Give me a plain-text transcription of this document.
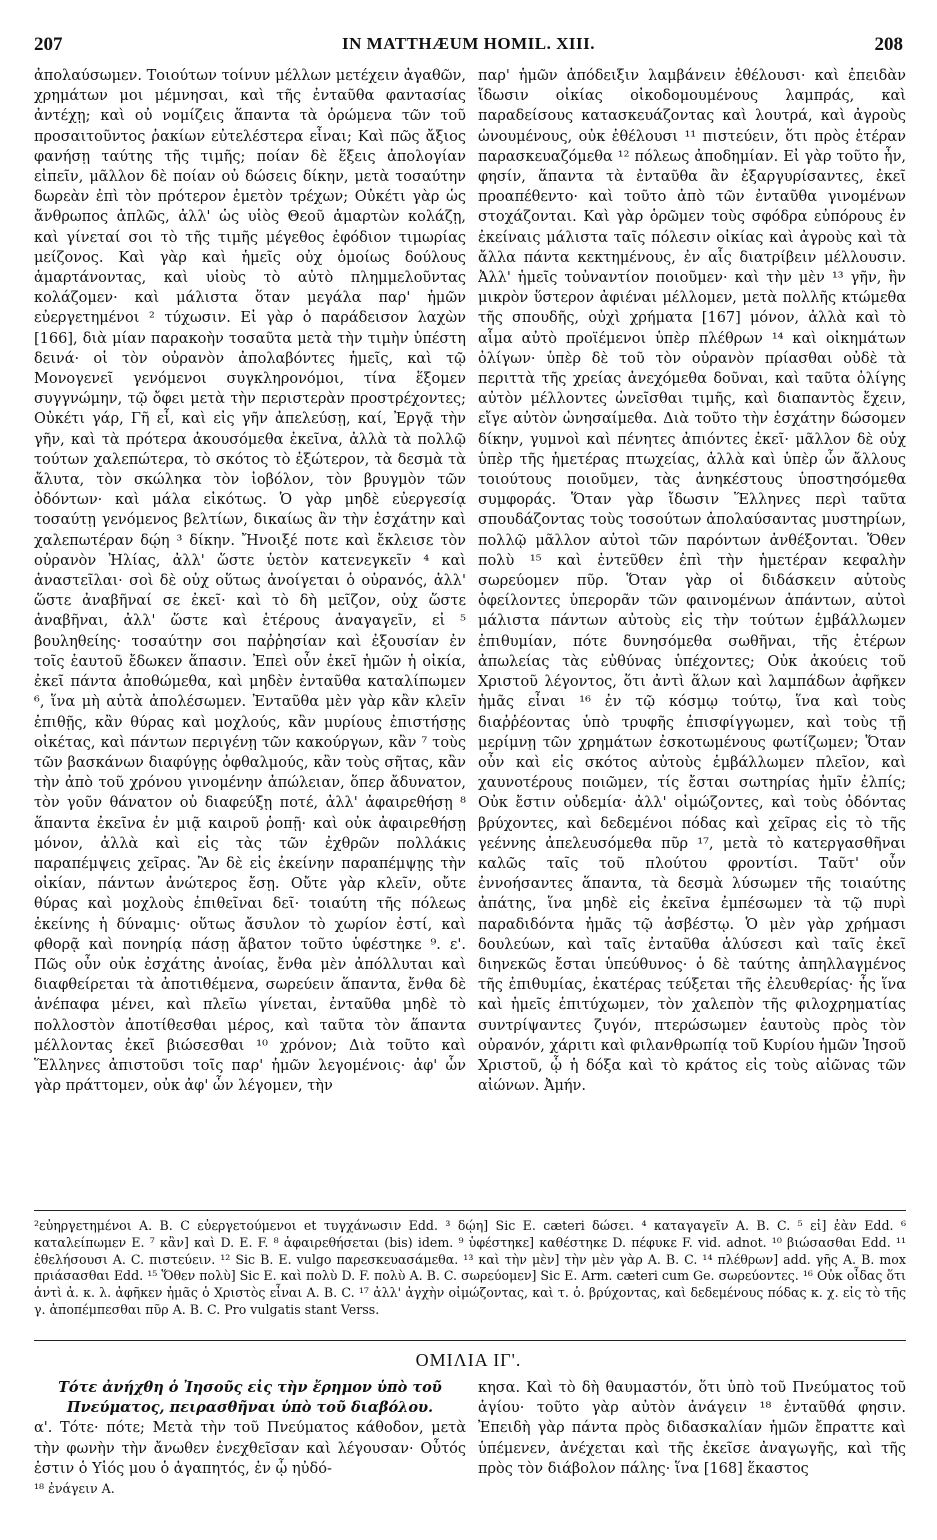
207	IN MATTHÆUM HOMIL. XIII.	208

ἀπολαύσωμεν. Τοιούτων τοίνυν μέλλων μετέχειν ἀγαθῶν, χρημάτων μοι μέμνησαι, καὶ τῆς ἐνταῦθα φαντασίας ἀντέχῃ; καὶ οὐ νομίζεις ἅπαντα τὰ ὁρώμενα τῶν τοῦ προσαιτοῦντος ῥακίων εὐτελέστερα εἶναι; Καὶ πῶς ἄξιος φανήσῃ ταύτης τῆς τιμῆς; ποίαν δὲ ἕξεις ἀπολογίαν εἰπεῖν, μᾶλλον δὲ ποίαν οὐ δώσεις δίκην, μετὰ τοσαύτην δωρεὰν ἐπὶ τὸν πρότερον ἐμετὸν τρέχων; Οὐκέτι γὰρ ὡς ἄνθρωπος ἁπλῶς, ἀλλ' ὡς υἱὸς Θεοῦ ἁμαρτὼν κολάζῃ, καὶ γίνεταί σοι τὸ τῆς τιμῆς μέγεθος ἐφόδιον τιμωρίας μείζονος. Καὶ γὰρ καὶ ἡμεῖς οὐχ ὁμοίως δούλους ἁμαρτάνοντας, καὶ υἱοὺς τὸ αὐτὸ πλημμελοῦντας κολάζομεν· καὶ μάλιστα ὅταν μεγάλα παρ' ἡμῶν εὐεργετημένοι ² τύχωσιν. Εἰ γὰρ ὁ παράδεισον λαχὼν [166], διὰ μίαν παρακοὴν τοσαῦτα μετὰ τὴν τιμὴν ὑπέστη δεινά· οἱ τὸν οὐρανὸν ἀπολαβόντες ἡμεῖς, καὶ τῷ Μονογενεῖ γενόμενοι συγκληρονόμοι, τίνα ἕξομεν συγγνώμην, τῷ ὄφει μετὰ τὴν περιστερὰν προστρέχοντες; Οὐκέτι γάρ, Γῆ εἶ, καὶ εἰς γῆν ἀπελεύσῃ, καί, Ἐργᾷ τὴν γῆν, καὶ τὰ πρότερα ἀκουσόμεθα ἐκεῖνα, ἀλλὰ τὰ πολλῷ τούτων χαλεπώτερα, τὸ σκότος τὸ ἐξώτερον, τὰ δεσμὰ τὰ ἄλυτα, τὸν σκώληκα τὸν ἰοβόλον, τὸν βρυγμὸν τῶν ὀδόντων· καὶ μάλα εἰκότως. Ὁ γὰρ μηδὲ εὐεργεσίᾳ τοσαύτῃ γενόμενος βελτίων, δικαίως ἂν τὴν ἐσχάτην καὶ χαλεπωτέραν δῴη ³ δίκην. Ἤνοιξέ ποτε καὶ ἔκλεισε τὸν οὐρανὸν Ἠλίας, ἀλλ' ὥστε ὑετὸν κατενεγκεῖν ⁴ καὶ ἀναστεῖλαι· σοὶ δὲ οὐχ οὕτως ἀνοίγεται ὁ οὐρανός, ἀλλ' ὥστε ἀναβῆναί σε ἐκεῖ· καὶ τὸ δὴ μεῖζον, οὐχ ὥστε ἀναβῆναι, ἀλλ' ὥστε καὶ ἑτέρους ἀναγαγεῖν, εἰ ⁵ βουληθείης· τοσαύτην σοι παῤῥησίαν καὶ ἐξουσίαν ἐν τοῖς ἑαυτοῦ ἔδωκεν ἅπασιν. Ἐπεὶ οὖν ἐκεῖ ἡμῶν ἡ οἰκία, ἐκεῖ πάντα ἀποθώμεθα, καὶ μηδὲν ἐνταῦθα καταλίπωμεν ⁶, ἵνα μὴ αὐτὰ ἀπολέσωμεν. Ἐνταῦθα μὲν γὰρ κἂν κλεῖν ἐπιθῇς, κἂν θύρας καὶ μοχλούς, κἂν μυρίους ἐπιστήσῃς οἰκέτας, καὶ πάντων περιγένῃ τῶν κακούργων, κἂν ⁷ τοὺς τῶν βασκάνων διαφύγῃς ὀφθαλμούς, κἂν τοὺς σῆτας, κἂν τὴν ἀπὸ τοῦ χρόνου γινομένην ἀπώλειαν, ὅπερ ἄδυνατον, τὸν γοῦν θάνατον οὐ διαφεύξῃ ποτέ, ἀλλ' ἀφαιρεθήσῃ ⁸ ἅπαντα ἐκεῖνα ἐν μιᾷ καιροῦ ῥοπῇ· καὶ οὐκ ἀφαιρεθήσῃ μόνον, ἀλλὰ καὶ εἰς τὰς τῶν ἐχθρῶν πολλάκις παραπέμψεις χεῖρας. Ἂν δὲ εἰς ἐκείνην παραπέμψῃς τὴν οἰκίαν, πάντων ἀνώτερος ἔσῃ. Οὔτε γὰρ κλεῖν, οὔτε θύρας καὶ μοχλοὺς ἐπιθεῖναι δεῖ· τοιαύτη τῆς πόλεως ἐκείνης ἡ δύναμις· οὕτως ἄσυλον τὸ χωρίον ἐστί, καὶ φθορᾷ καὶ πονηρίᾳ πάσῃ ἄβατον τοῦτο ὑφέστηκε ⁹. ε'. Πῶς οὖν οὐκ ἐσχάτης ἀνοίας, ἔνθα μὲν ἀπόλλυται καὶ διαφθείρεται τὰ ἀποτιθέμενα, σωρεύειν ἅπαντα, ἔνθα δὲ ἀνέπαφα μένει, καὶ πλεῖω γίνεται, ἐνταῦθα μηδὲ τὸ πολλοστὸν ἀποτίθεσθαι μέρος, καὶ ταῦτα τὸν ἅπαντα μέλλοντας ἐκεῖ βιώσεσθαι ¹⁰ χρόνον; Διὰ τοῦτο καὶ Ἕλληνες ἀπιστοῦσι τοῖς παρ' ἡμῶν λεγομένοις· ἀφ' ὧν γὰρ πράττομεν, οὐκ ἀφ' ὧν λέγομεν, τὴν

παρ' ἡμῶν ἀπόδειξιν λαμβάνειν ἐθέλουσι· καὶ ἐπειδὰν ἴδωσιν οἰκίας οἰκοδομουμένους λαμπράς, καὶ παραδείσους κατασκευάζοντας καὶ λουτρά, καὶ ἀγροὺς ὠνουμένους, οὐκ ἐθέλουσι ¹¹ πιστεύειν, ὅτι πρὸς ἑτέραν παρασκευαζόμεθα ¹² πόλεως ἀποδημίαν. Εἰ γὰρ τοῦτο ἦν, φησίν, ἅπαντα τὰ ἐνταῦθα ἂν ἐξαργυρίσαντες, ἐκεῖ προαπέθεντο· καὶ τοῦτο ἀπὸ τῶν ἐνταῦθα γινομένων στοχάζονται. Καὶ γὰρ ὁρῶμεν τοὺς σφόδρα εὐπόρους ἐν ἐκείναις μάλιστα ταῖς πόλεσιν οἰκίας καὶ ἀγροὺς καὶ τὰ ἄλλα πάντα κεκτημένους, ἐν αἷς διατρίβειν μέλλουσιν. Ἀλλ' ἡμεῖς τοὐναντίον ποιοῦμεν· καὶ τὴν μὲν ¹³ γῆν, ἣν μικρὸν ὕστερον ἀφιέναι μέλλομεν, μετὰ πολλῆς κτώμεθα τῆς σπουδῆς, οὐχὶ χρήματα [167] μόνον, ἀλλὰ καὶ τὸ αἷμα αὐτὸ προϊέμενοι ὑπὲρ πλέθρων ¹⁴ καὶ οἰκημάτων ὀλίγων· ὑπὲρ δὲ τοῦ τὸν οὐρανὸν πρίασθαι οὐδὲ τὰ περιττὰ τῆς χρείας ἀνεχόμεθα δοῦναι, καὶ ταῦτα ὀλίγης αὐτὸν μέλλοντες ὠνεῖσθαι τιμῆς, καὶ διαπαντὸς ἔχειν, εἴγε αὐτὸν ὠνησαίμεθα. Διὰ τοῦτο τὴν ἐσχάτην δώσομεν δίκην, γυμνοὶ καὶ πένητες ἀπιόντες ἐκεῖ· μᾶλλον δὲ οὐχ ὑπὲρ τῆς ἡμετέρας πτωχείας, ἀλλὰ καὶ ὑπὲρ ὧν ἄλλους τοιούτους ποιοῦμεν, τὰς ἀνηκέστους ὑποστησόμεθα συμφοράς. Ὅταν γὰρ ἴδωσιν Ἕλληνες περὶ ταῦτα σπουδάζοντας τοὺς τοσούτων ἀπολαύσαντας μυστηρίων, πολλῷ μᾶλλον αὐτοὶ τῶν παρόντων ἀνθέξονται. Ὅθεν πολὺ ¹⁵ καὶ ἐντεῦθεν ἐπὶ τὴν ἡμετέραν κεφαλὴν σωρεύομεν πῦρ. Ὅταν γὰρ οἱ διδάσκειν αὐτοὺς ὀφείλοντες ὑπερορᾶν τῶν φαινομένων ἁπάντων, αὐτοὶ μάλιστα πάντων αὐτοὺς εἰς τὴν τούτων ἐμβάλλωμεν ἐπιθυμίαν, πότε δυνησόμεθα σωθῆναι, τῆς ἑτέρων ἀπωλείας τὰς εὐθύνας ὑπέχοντες; Οὐκ ἀκούεις τοῦ Χριστοῦ λέγοντος, ὅτι ἀντὶ ἅλων καὶ λαμπάδων ἀφῆκεν ἡμᾶς εἶναι ¹⁶ ἐν τῷ κόσμῳ τούτῳ, ἵνα καὶ τοὺς διαῤῥέοντας ὑπὸ τρυφῆς ἐπισφίγγωμεν, καὶ τοὺς τῇ μερίμνῃ τῶν χρημάτων ἐσκοτωμένους φωτίζωμεν; Ὅταν οὖν καὶ εἰς σκότος αὐτοὺς ἐμβάλλωμεν πλεῖον, καὶ χαυνοτέρους ποιῶμεν, τίς ἔσται σωτηρίας ἡμῖν ἐλπίς; Οὐκ ἔστιν οὐδεμία· ἀλλ' οἰμώζοντες, καὶ τοὺς ὀδόντας βρύχοντες, καὶ δεδεμένοι πόδας καὶ χεῖρας εἰς τὸ τῆς γεέννης ἀπελευσόμεθα πῦρ ¹⁷, μετὰ τὸ κατεργασθῆναι καλῶς ταῖς τοῦ πλούτου φροντίσι. Ταῦτ' οὖν ἐννοήσαντες ἅπαντα, τὰ δεσμὰ λύσωμεν τῆς τοιαύτης ἀπάτης, ἵνα μηδὲ εἰς ἐκεῖνα ἐμπέσωμεν τὰ τῷ πυρὶ παραδιδόντα ἡμᾶς τῷ ἀσβέστῳ. Ὁ μὲν γὰρ χρήμασι δουλεύων, καὶ ταῖς ἐνταῦθα ἁλύσεσι καὶ ταῖς ἐκεῖ διηνεκῶς ἔσται ὑπεύθυνος· ὁ δὲ ταύτης ἀπηλλαγμένος τῆς ἐπιθυμίας, ἑκατέρας τεύξεται τῆς ἐλευθερίας· ἧς ἵνα καὶ ἡμεῖς ἐπιτύχωμεν, τὸν χαλεπὸν τῆς φιλοχρηματίας συντρίψαντες ζυγόν, πτερώσωμεν ἑαυτοὺς πρὸς τὸν οὐρανόν, χάριτι καὶ φιλανθρωπίᾳ τοῦ Κυρίου ἡμῶν Ἰησοῦ Χριστοῦ, ᾧ ἡ δόξα καὶ τὸ κράτος εἰς τοὺς αἰῶνας τῶν αἰώνων. Ἀμήν.

²εὐηργετημένοι A. B. C εὐεργετούμενοι et τυγχάνωσιν Edd. ³ δῴη] Sic E. cæteri δώσει. ⁴ καταγαγεῖν A. B. C. ⁵ εἰ] ἐὰν Edd. ⁶ καταλείπωμεν E. ⁷ κἂν] καὶ D. E. F. ⁸ ἀφαιρεθήσεται (bis) idem. ⁹ ὑφέστηκε] καθέστηκε D. πέφυκε F. vid. adnot. ¹⁰ βιώσασθαι Edd. ¹¹ ἐθελήσουσι A. C. πιστεύειν. ¹² Sic B. E. vulgo παρεσκευασάμεθα. ¹³ καὶ τὴν μὲν] τὴν μὲν γὰρ A. B. C. ¹⁴ πλέθρων] add. γῆς A. B. mox πριάσασθαι Edd. ¹⁵ Ὅθεν πολὺ] Sic E. καὶ πολὺ D. F. πολὺ A. B. C. σωρεύομεν] Sic E. Arm. cæteri cum Ge. σωρεύοντες. ¹⁶ Οὐκ οἶδας ὅτι ἀντὶ ἁ. κ. λ. ἀφῆκεν ἡμᾶς ὁ Χριστὸς εἶναι A. B. C. ¹⁷ ἀλλ' ἀγχὴν οἰμώζοντας, καὶ τ. ὀ. βρύχοντας, καὶ δεδεμένους πόδας κ. χ. εἰς τὸ τῆς γ. ἀποπέμπεσθαι πῦρ A. B. C. Pro vulgatis stant Verss.

ΟΜΙΛΙΑ ΙΓ'.

Τότε ἀνήχθη ὁ Ἰησοῦς εἰς τὴν ἔρημον ὑπὸ τοῦ Πνεύματος, πειρασθῆναι ὑπὸ τοῦ διαβόλου.

α'. Τότε· πότε; Μετὰ τὴν τοῦ Πνεύματος κάθοδον, μετὰ τὴν φωνὴν τὴν ἄνωθεν ἐνεχθεῖσαν καὶ λέγουσαν· Οὗτός ἐστιν ὁ Υἱός μου ὁ ἀγαπητός, ἐν ᾧ ηὐδό-

¹⁸ ἐνάγειν A.

κησα. Καὶ τὸ δὴ θαυμαστόν, ὅτι ὑπὸ τοῦ Πνεύματος τοῦ ἁγίου· τοῦτο γὰρ αὐτὸν ἀνάγειν ¹⁸ ἐνταῦθά φησιν. Ἐπειδὴ γὰρ πάντα πρὸς διδασκαλίαν ἡμῶν ἔπραττε καὶ ὑπέμενεν, ἀνέχεται καὶ τῆς ἐκεῖσε ἀναγωγῆς, καὶ τῆς πρὸς τὸν διάβολον πάλης· ἵνα [168] ἕκαστος
